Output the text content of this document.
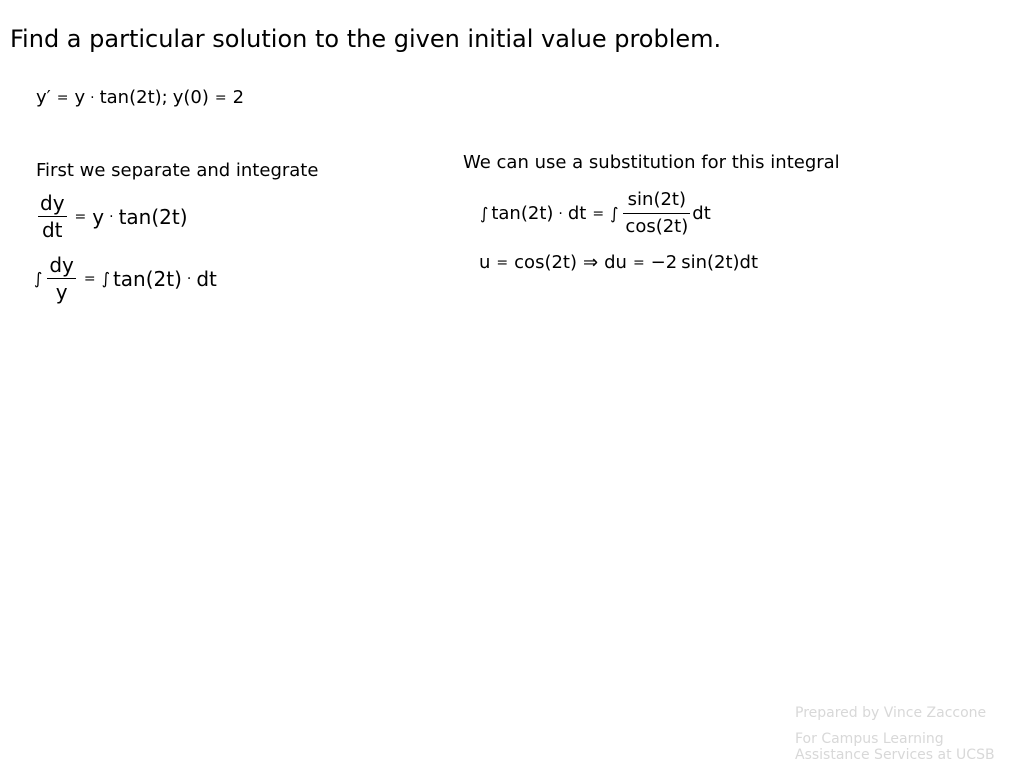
Find a particular solution to the given initial value problem.
y′ = y · tan(2t); y(0) = 2
First we separate and integrate
$\frac{dy}{dt} = y \cdot \tan(2t)$
∫ $\frac{dy}{y}$ = ∫ tan(2t) · dt
We can use a substitution for this integral
∫ tan(2t) · dt = ∫ $\frac{\sin(2t)}{\cos(2t)}$ dt
u = cos(2t) ⇒ du = −2 sin(2t)dt
Prepared by Vince Zaccone
For Campus Learning
Assistance Services at UCSB
